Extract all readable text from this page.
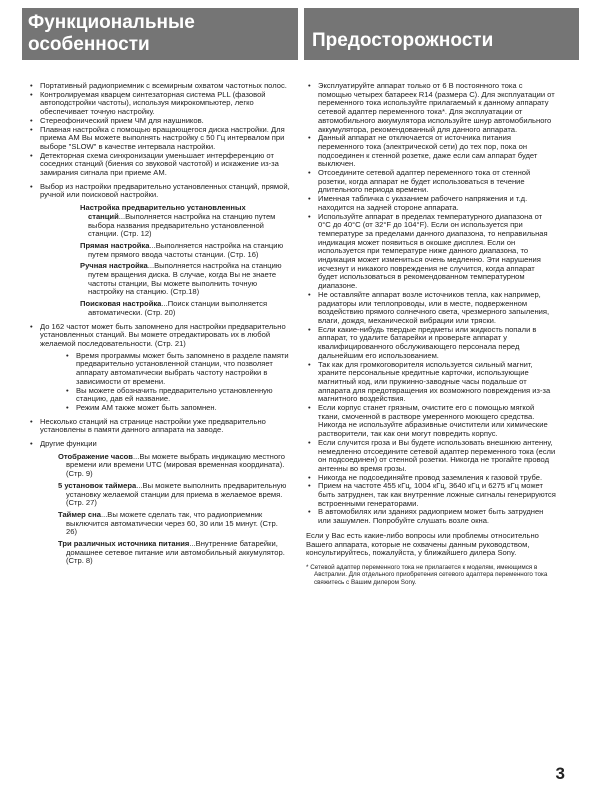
Функциональные особенности	Предосторожности
• Портативный радиоприемник с всемирным охватом частотных полос.
• Контролируемая кварцем синтезаторная система PLL (фазовой автоподстройки частоты), используя микрокомпьютер, легко обеспечивает точную настройку.
• Стереофонический прием ЧМ для наушников.
• Плавная настройка с помощью вращающегося диска настройки. Для приема АМ Вы можете выполнять настройку с 50 Гц интервалом при выборе "SLOW" в качестве интервала настройки.
• Детекторная схема синхронизации уменьшает интерференцию от соседних станций (биения со звуковой частотой) и искажение из-за замирания сигнала при приеме АМ.
• Выбор из настройки предварительно установленных станций, прямой, ручной или поисковой настройки.

Настройка предварительно установленных станций...Выполняется настройка на станцию путем выбора названия предварительно установленной станции. (Стр. 12)

Прямая настройка...Выполняется настройка на станцию путем прямого ввода частоты станции. (Стр. 16)

Ручная настройка...Выполняется настройка на станцию путем вращения диска. В случае, когда Вы не знаете частоты станции, Вы можете выполнить точную настройку на станцию. (Стр.18)

Поисковая настройка...Поиск станции выполняется автоматически. (Стр. 20)

• До 162 частот может быть запомнено для настройки предварительно установленных станций. Вы можете отредактировать их в любой желаемой последовательности. (Стр. 21)
• Время программы может быть запомнено в разделе памяти предварительно установленной станции, что позволяет аппарату автоматически выбрать частоту настройки в зависимости от времени.
• Вы можете обозначить предварительно установленную станцию, дав ей название.
• Режим АМ также может быть запомнен.
• Несколько станций на странице настройки уже предварительно установлены в памяти данного аппарата на заводе.
• Другие функции

Отображение часов...Вы можете выбрать индикацию местного времени или времени UTC (мировая временная координата). (Стр. 9)

5 установок таймера...Вы можете выполнить предварительную установку желаемой станции для приема в желаемое время. (Стр. 27)

Таймер сна...Вы можете сделать так, что радиоприемник выключится автоматически через 60, 30 или 15 минут. (Стр. 26)

Три различных источника питания...Внутренние батарейки, домашнее сетевое питание или автомобильный аккумулятор. (Стр. 8)

• Эксплуатируйте аппарат только от 6 В постоянного тока с помощью четырех батареек R14 (размера С). Для эксплуатации от переменного тока используйте прилагаемый к данному аппарату сетевой адаптер переменного тока*. Для эксплуатации от автомобильного аккумулятора используйте шнур автомобильного аккумулятора, рекомендованный для данного аппарата.
• Данный аппарат не отключается от источника питания переменного тока (электрической сети) до тех пор, пока он подсоединен к стенной розетке, даже если сам аппарат будет выключен.
• Отсоедините сетевой адаптер переменного тока от стенной розетки, когда аппарат не будет использоваться в течение длительного периода времени.
• Именная табличка с указанием рабочего напряжения и т.д. находится на задней стороне аппарата.
• Используйте аппарат в пределах температурного диапазона от 0°С до 40°С (от 32°F до 104°F). Если он используется при температуре за пределами данного диапазона, то неправильная индикация может появиться в окошке дисплея. Если он используется при температуре ниже данного диапазона, то индикация может измениться очень медленно. Эти нарушения исчезнут и никакого повреждения не случится, когда аппарат будет использоваться в рекомендованном температурном диапазоне.
• Не оставляйте аппарат возле источников тепла, как например, радиаторы или теплопроводы, или в месте, подверженном воздействию прямого солнечного света, чрезмерного запыления, влаги, дождя, механической вибрации или тряски.
• Если какие-нибудь твердые предметы или жидкость попали в аппарат, то удалите батарейки и проверьте аппарат у квалифицированного обслуживающего персонала перед дальнейшим его использованием.
• Так как для громкоговорителя используется сильный магнит, храните персональные кредитные карточки, использующие магнитный код, или пружинно-заводные часы подальше от аппарата для предотвращения их возможного повреждения из-за магнитного воздействия.
• Если корпус станет грязным, очистите его с помощью мягкой ткани, смоченной в растворе умеренного моющего средства. Никогда не используйте абразивные очистители или химические растворители, так как они могут повредить корпус.
• Если случится гроза и Вы будете использовать внешнюю антенну, немедленно отсоедините сетевой адаптер переменного тока (если он подсоединен) от стенной розетки. Никогда не трогайте провод антенны во время грозы.
• Никогда не подсоединяйте провод заземления к газовой трубе.
• Прием на частоте 455 кГц, 1004 кГц, 3640 кГц и 6275 кГц может быть затруднен, так как внутренние ложные сигналы генерируются встроенными генераторами.
• В автомобилях или зданиях радиоприем может быть затруднен или зашумлен. Попробуйте слушать возле окна.
Если у Вас есть какие-либо вопросы или проблемы относительно Вашего аппарата, которые не охвачены данным руководством, консультируйтесь, пожалуйста, у ближайшего дилера Sony.
* Сетевой адаптер переменного тока не прилагается к моделям, имеющимся в Австралии. Для отдельного приобретения сетевого адаптера переменного тока свяжитесь с Вашим дилером Sony.
3
